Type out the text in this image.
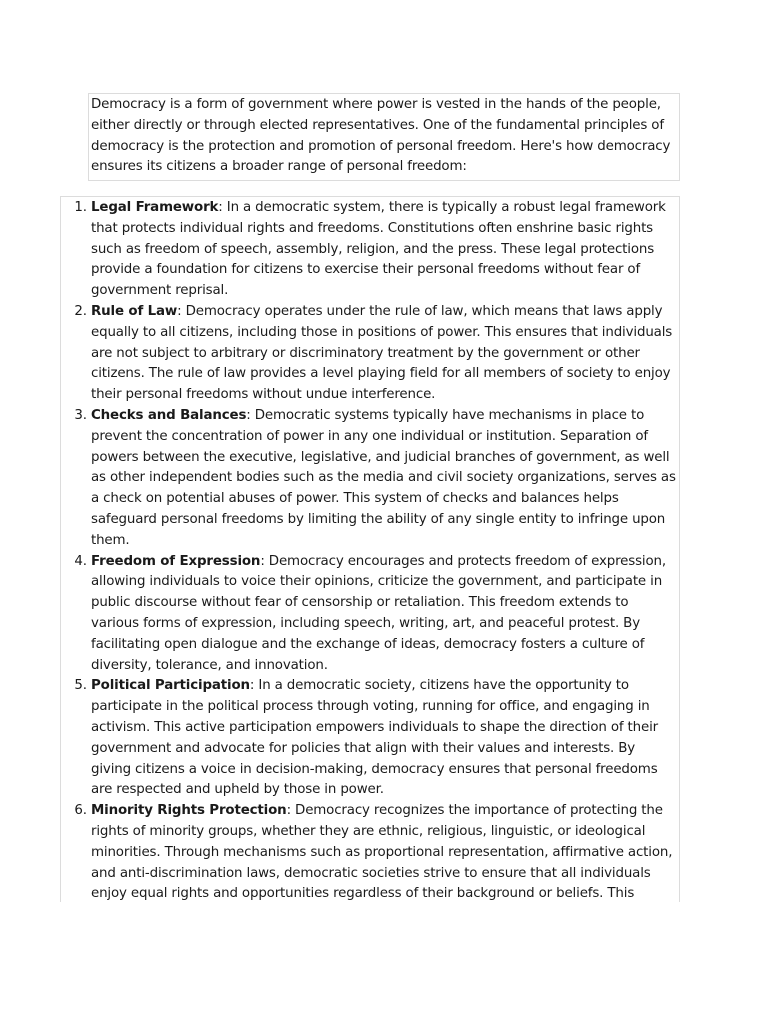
Democracy is a form of government where power is vested in the hands of the people, either directly or through elected representatives. One of the fundamental principles of democracy is the protection and promotion of personal freedom. Here's how democracy ensures its citizens a broader range of personal freedom:
1. Legal Framework: In a democratic system, there is typically a robust legal framework that protects individual rights and freedoms. Constitutions often enshrine basic rights such as freedom of speech, assembly, religion, and the press. These legal protections provide a foundation for citizens to exercise their personal freedoms without fear of government reprisal.
2. Rule of Law: Democracy operates under the rule of law, which means that laws apply equally to all citizens, including those in positions of power. This ensures that individuals are not subject to arbitrary or discriminatory treatment by the government or other citizens. The rule of law provides a level playing field for all members of society to enjoy their personal freedoms without undue interference.
3. Checks and Balances: Democratic systems typically have mechanisms in place to prevent the concentration of power in any one individual or institution. Separation of powers between the executive, legislative, and judicial branches of government, as well as other independent bodies such as the media and civil society organizations, serves as a check on potential abuses of power. This system of checks and balances helps safeguard personal freedoms by limiting the ability of any single entity to infringe upon them.
4. Freedom of Expression: Democracy encourages and protects freedom of expression, allowing individuals to voice their opinions, criticize the government, and participate in public discourse without fear of censorship or retaliation. This freedom extends to various forms of expression, including speech, writing, art, and peaceful protest. By facilitating open dialogue and the exchange of ideas, democracy fosters a culture of diversity, tolerance, and innovation.
5. Political Participation: In a democratic society, citizens have the opportunity to participate in the political process through voting, running for office, and engaging in activism. This active participation empowers individuals to shape the direction of their government and advocate for policies that align with their values and interests. By giving citizens a voice in decision-making, democracy ensures that personal freedoms are respected and upheld by those in power.
6. Minority Rights Protection: Democracy recognizes the importance of protecting the rights of minority groups, whether they are ethnic, religious, linguistic, or ideological minorities. Through mechanisms such as proportional representation, affirmative action, and anti-discrimination laws, democratic societies strive to ensure that all individuals enjoy equal rights and opportunities regardless of their background or beliefs. This
